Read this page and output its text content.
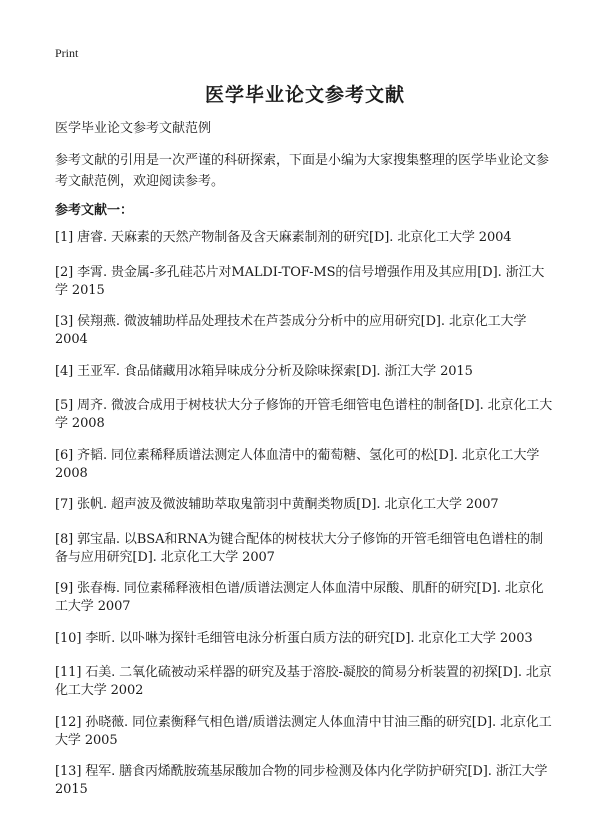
Print
医学毕业论文参考文献

医学毕业论文参考文献范例

参考文献的引用是一次严谨的科研探索，下面是小编为大家搜集整理的医学毕业论文参考文献范例，欢迎阅读参考。

参考文献一：

[1] 唐睿. 天麻素的天然产物制备及含天麻素制剂的研究[D]. 北京化工大学 2004
[2] 李霄. 贵金属-多孔硅芯片对MALDI-TOF-MS的信号增强作用及其应用[D]. 浙江大学 2015
[3] 侯翔燕. 微波辅助样品处理技术在芦荟成分分析中的应用研究[D]. 北京化工大学 2004
[4] 王亚军. 食品储藏用冰箱异味成分分析及除味探索[D]. 浙江大学 2015
[5] 周齐. 微波合成用于树枝状大分子修饰的开管毛细管电色谱柱的制备[D]. 北京化工大学 2008
[6] 齐韬. 同位素稀释质谱法测定人体血清中的葡萄糖、氢化可的松[D]. 北京化工大学 2008
[7] 张帆. 超声波及微波辅助萃取鬼箭羽中黄酮类物质[D]. 北京化工大学 2007
[8] 郭宝晶. 以BSA和RNA为键合配体的树枝状大分子修饰的开管毛细管电色谱柱的制备与应用研究[D]. 北京化工大学 2007
[9] 张春梅. 同位素稀释液相色谱/质谱法测定人体血清中尿酸、肌酐的研究[D]. 北京化工大学 2007
[10] 李昕. 以卟啉为探针毛细管电泳分析蛋白质方法的研究[D]. 北京化工大学 2003
[11] 石美. 二氧化硫被动采样器的研究及基于溶胶-凝胶的简易分析装置的初探[D]. 北京化工大学 2002
[12] 孙晓薇. 同位素衡释气相色谱/质谱法测定人体血清中甘油三酯的研究[D]. 北京化工大学 2005
[13] 程军. 膳食丙烯酰胺巯基尿酸加合物的同步检测及体内化学防护研究[D]. 浙江大学 2015
